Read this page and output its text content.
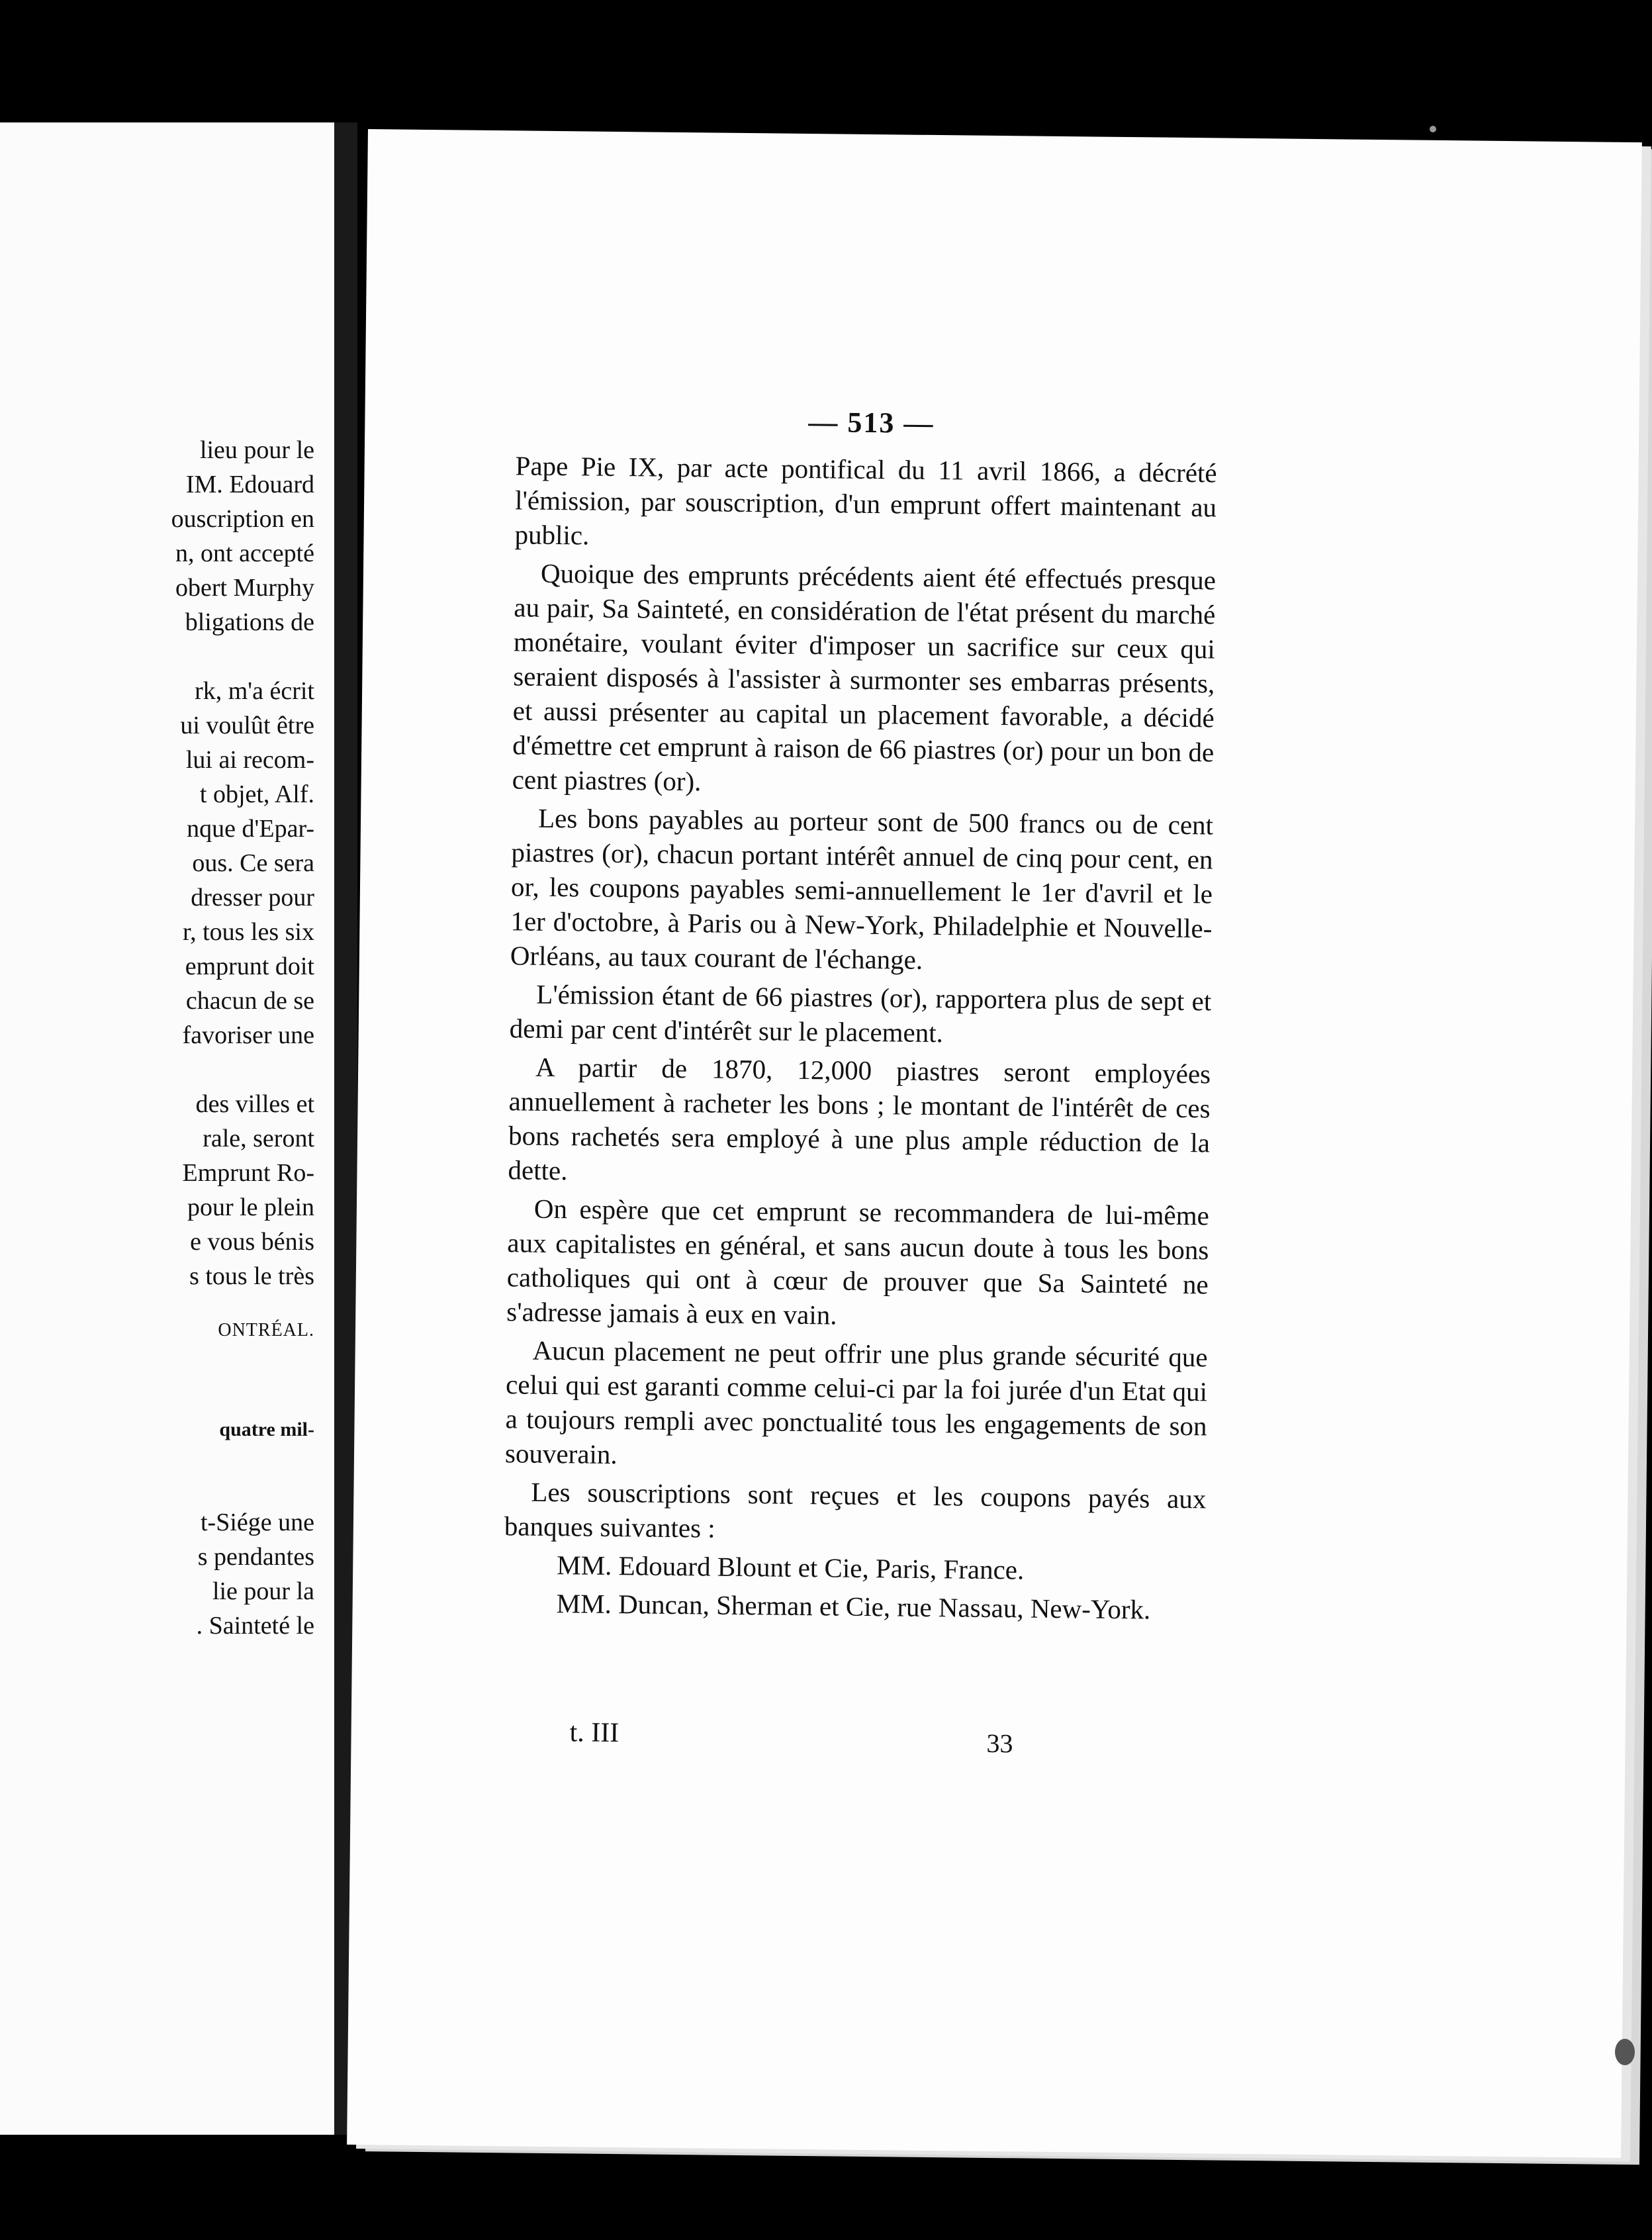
lieu pour le
IM. Edouard
ouscription en
n, ont accepté
obert Murphy
bligations de
rk, m'a écrit
ui voulût être
lui ai recom-
t objet, Alf.
nque d'Epar-
ous. Ce sera
dresser pour
r, tous les six
emprunt doit
chacun de se
favoriser une
des villes et
rale, seront
Emprunt Ro-
pour le plein
e vous bénis
s tous le très
ONTRÉAL.
quatre mil-
t-Siége une
s pendantes
lie pour la
. Sainteté le
— 513 —

Pape Pie IX, par acte pontifical du 11 avril 1866, a décrété l'émission, par souscription, d'un emprunt offert maintenant au public.

Quoique des emprunts précédents aient été effectués presque au pair, Sa Sainteté, en considération de l'état présent du marché monétaire, voulant éviter d'imposer un sacrifice sur ceux qui seraient disposés à l'assister à surmonter ses embarras présents, et aussi présenter au capital un placement favorable, a décidé d'émettre cet emprunt à raison de 66 piastres (or) pour un bon de cent piastres (or).

Les bons payables au porteur sont de 500 francs ou de cent piastres (or), chacun portant intérêt annuel de cinq pour cent, en or, les coupons payables semi-annuellement le 1er d'avril et le 1er d'octobre, à Paris ou à New-York, Philadelphie et Nouvelle-Orléans, au taux courant de l'échange.

L'émission étant de 66 piastres (or), rapportera plus de sept et demi par cent d'intérêt sur le placement.

A partir de 1870, 12,000 piastres seront employées annuellement à racheter les bons ; le montant de l'intérêt de ces bons rachetés sera employé à une plus ample réduction de la dette.

On espère que cet emprunt se recommandera de lui-même aux capitalistes en général, et sans aucun doute à tous les bons catholiques qui ont à cœur de prouver que Sa Sainteté ne s'adresse jamais à eux en vain.

Aucun placement ne peut offrir une plus grande sécurité que celui qui est garanti comme celui-ci par la foi jurée d'un Etat qui a toujours rempli avec ponctualité tous les engagements de son souverain.

Les souscriptions sont reçues et les coupons payés aux banques suivantes :

MM. Edouard Blount et Cie, Paris, France.

MM. Duncan, Sherman et Cie, rue Nassau, New-York.

t. III	33
